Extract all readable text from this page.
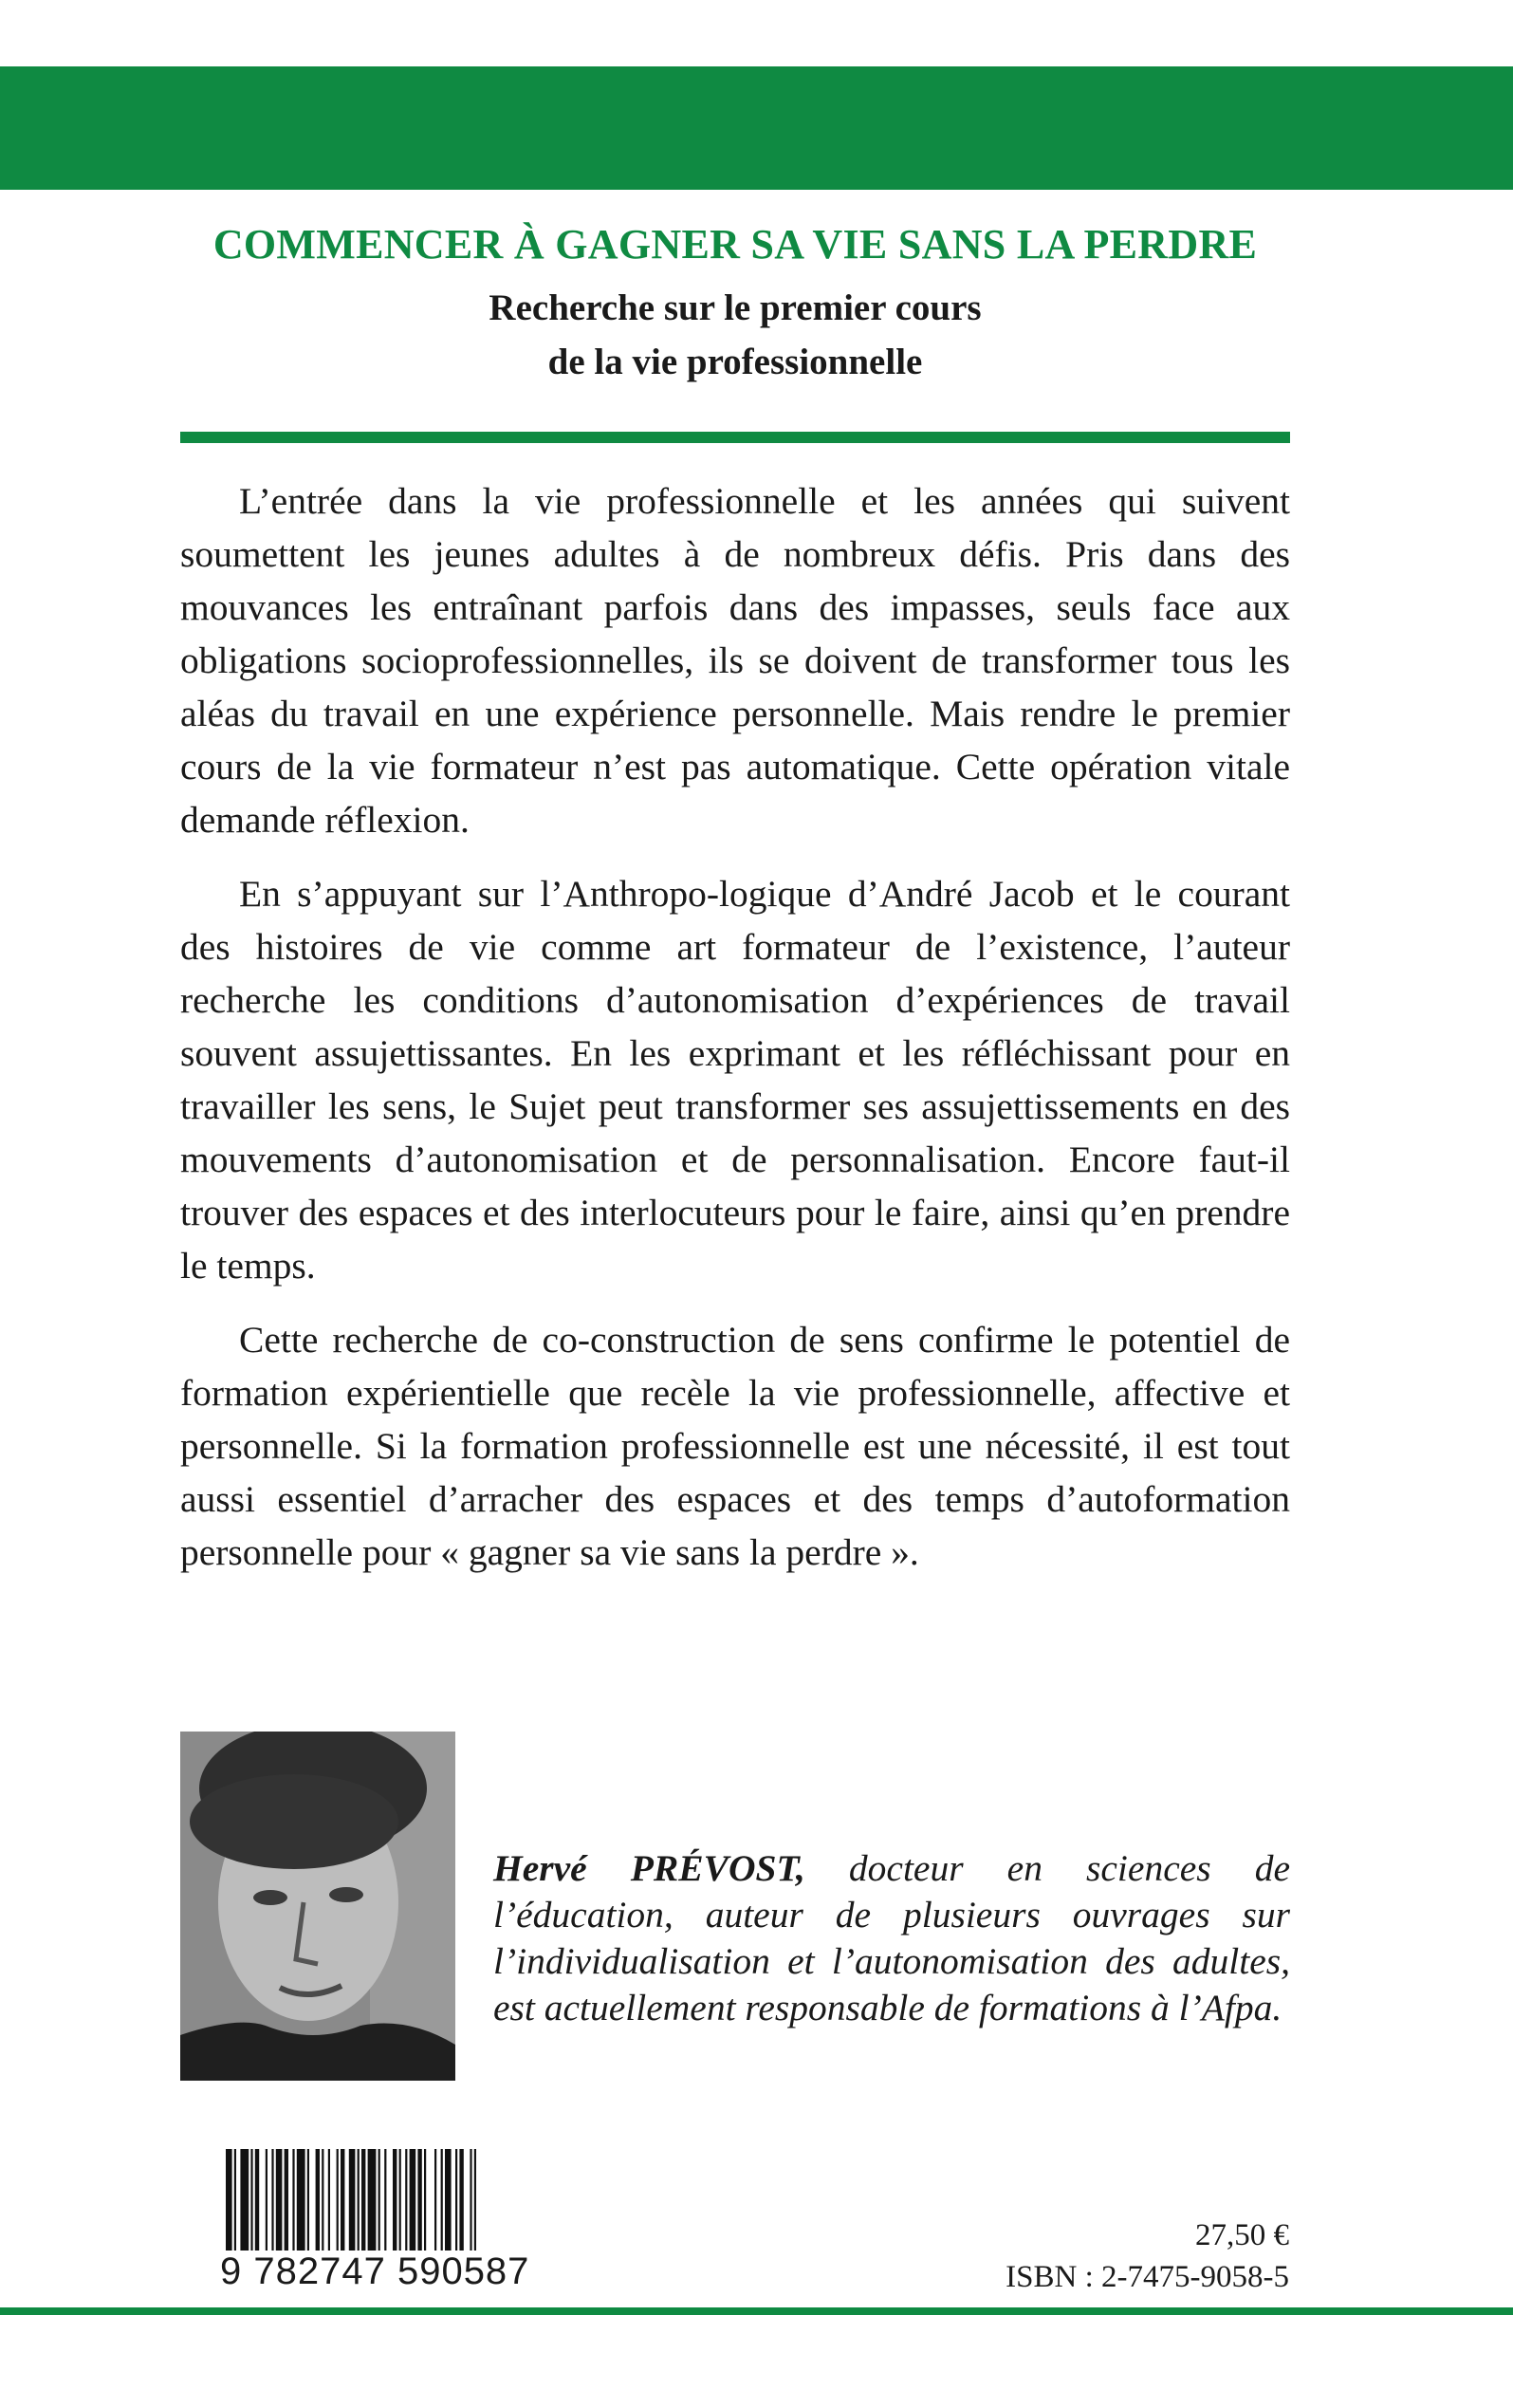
COMMENCER À GAGNER SA VIE SANS LA PERDRE
Recherche sur le premier cours
de la vie professionnelle

L’entrée dans la vie professionnelle et les années qui suivent soumettent les jeunes adultes à de nombreux défis. Pris dans des mouvances les entraînant parfois dans des impasses, seuls face aux obligations socioprofessionnelles, ils se doivent de transformer tous les aléas du travail en une expérience personnelle. Mais rendre le premier cours de la vie formateur n’est pas automatique. Cette opération vitale demande réflexion.

En s’appuyant sur l’Anthropo-logique d’André Jacob et le courant des histoires de vie comme art formateur de l’existence, l’auteur recherche les conditions d’autonomisation d’expériences de travail souvent assujettissantes. En les exprimant et les réfléchissant pour en travailler les sens, le Sujet peut transformer ses assujettissements en des mouvements d’autonomisation et de personnalisation. Encore faut-il trouver des espaces et des interlocuteurs pour le faire, ainsi qu’en prendre le temps.

Cette recherche de co-construction de sens confirme le potentiel de formation expérientielle que recèle la vie professionnelle, affective et personnelle. Si la formation professionnelle est une nécessité, il est tout aussi essentiel d’arracher des espaces et des temps d’autoformation personnelle pour « gagner sa vie sans la perdre ».

Hervé PRÉVOST, docteur en sciences de l’éducation, auteur de plusieurs ouvrages sur l’individualisation et l’autonomisation des adultes, est actuellement responsable de formations à l’Afpa.
9 782747 590587
27,50 €
ISBN : 2-7475-9058-5
